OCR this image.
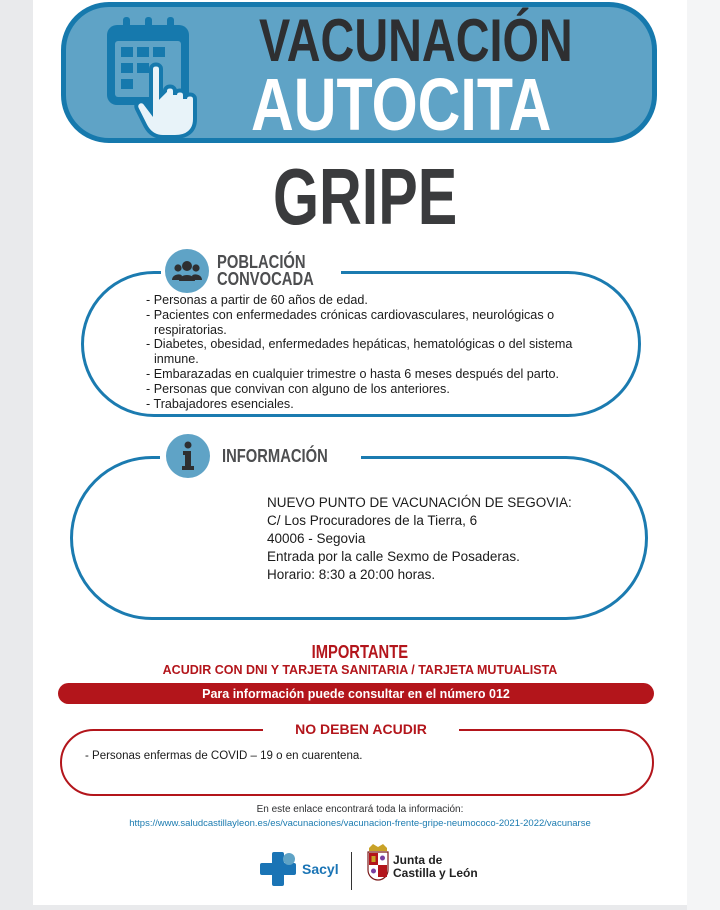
VACUNACIÓN
AUTOCITA
GRIPE
POBLACIÓN
CONVOCADA
- Personas a partir de 60 años de edad.
- Pacientes con enfermedades crónicas cardiovasculares, neurológicas o
respiratorias.
- Diabetes, obesidad, enfermedades hepáticas, hematológicas o del sistema
inmune.
- Embarazadas en cualquier trimestre o hasta 6 meses después del parto.
- Personas que convivan con alguno de los anteriores.
- Trabajadores esenciales.
INFORMACIÓN
NUEVO PUNTO DE VACUNACIÓN DE SEGOVIA:
C/ Los Procuradores de la Tierra, 6
40006 - Segovia
Entrada por la calle Sexmo de Posaderas.
Horario: 8:30 a 20:00 horas.
IMPORTANTE
ACUDIR CON DNI Y TARJETA SANITARIA / TARJETA MUTUALISTA
Para información puede consultar en el número 012
NO DEBEN ACUDIR
- Personas enfermas de COVID – 19 o en cuarentena.
En este enlace encontrará toda la información:
https://www.saludcastillayleon.es/es/vacunaciones/vacunacion-frente-gripe-neumococo-2021-2022/vacunarse
Sacyl
Junta de
Castilla y León
